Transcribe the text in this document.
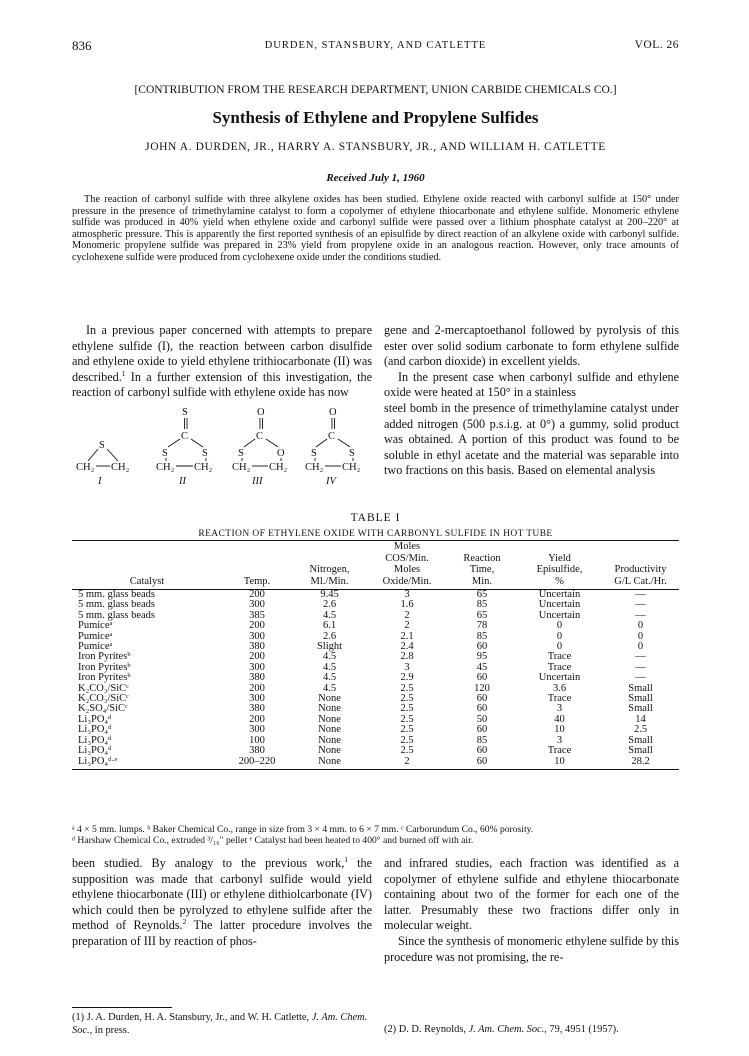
836	DURDEN, STANSBURY, AND CATLETTE	VOL. 26
[CONTRIBUTION FROM THE RESEARCH DEPARTMENT, UNION CARBIDE CHEMICALS CO.]
Synthesis of Ethylene and Propylene Sulfides
JOHN A. DURDEN, JR., HARRY A. STANSBURY, JR., AND WILLIAM H. CATLETTE
Received July 1, 1960

The reaction of carbonyl sulfide with three alkylene oxides has been studied. Ethylene oxide reacted with carbonyl sulfide at 150° under pressure in the presence of trimethylamine catalyst to form a copolymer of ethylene thiocarbonate and ethylene sulfide. Monomeric ethylene sulfide was produced in 40% yield when ethylene oxide and carbonyl sulfide were passed over a lithium phosphate catalyst at 200–220° at atmospheric pressure. This is apparently the first reported synthesis of an episulfide by direct reaction of an alkylene oxide with carbonyl sulfide. Monomeric propylene sulfide was prepared in 23% yield from propylene oxide in an analogous reaction. However, only trace amounts of cyclohexene sulfide were produced from cyclohexene oxide under the conditions studied.

In a previous paper concerned with attempts to prepare ethylene sulfide (I), the reaction between carbon disulfide and ethylene oxide to yield ethylene trithiocarbonate (II) was described.$^1$ In a further extension of this investigation, the reaction of carbonyl sulfide with ethylene oxide has now

S
CH₂ CH₂
I
S
C
S	S
CH₂ CH₂
II
O
C
S	O
CH₂ CH₂
III
O
C
S	S
CH₂ CH₂
IV

gene and 2-mercaptoethanol followed by pyrolysis of this ester over solid sodium carbonate to form ethylene sulfide (and carbon dioxide) in excellent yields.

In the present case when carbonyl sulfide and ethylene oxide were heated at 150° in a stainless

steel bomb in the presence of trimethylamine catalyst under added nitrogen (500 p.s.i.g. at 0°) a gummy, solid product was obtained. A portion of this product was found to be soluble in ethyl acetate and the material was separable into two fractions on this basis. Based on elemental analysis

TABLE I
REACTION OF ETHYLENE OXIDE WITH CARBONYL SULFIDE IN HOT TUBE

Catalyst	Temp.	Nitrogen,
Ml./Min.	Moles
COS/Min.
Moles
Oxide/Min.	Reaction
Time,
Min.	Yield
Episulfide,
%	Productivity
G/L Cat./Hr.
5 mm. glass beads	200	9.45	3	65	Uncertain	—
5 mm. glass beads	300	2.6	1.6	85	Uncertain	—
5 mm. glass beads	385	4.5	2	65	Uncertain	—
Pumiceᵃ	200	6.1	2	78	0	0
Pumiceᵃ	300	2.6	2.1	85	0	0
Pumiceᵃ	380	Slight	2.4	60	0	0
Iron Pyritesᵇ	200	4.5	2.8	95	Trace	—
Iron Pyritesᵇ	300	4.5	3	45	Trace	—
Iron Pyritesᵇ	380	4.5	2.9	60	Uncertain	—
K₂CO₃/SiCᶜ	200	4.5	2.5	120	3.6	Small
K₂CO₃/SiCᶜ	300	None	2.5	60	Trace	Small
K₂SO₄/SiCᶜ	380	None	2.5	60	3	Small
Li₃PO₄ᵈ	200	None	2.5	50	40	14
Li₃PO₄ᵈ	300	None	2.5	60	10	2.5
Li₃PO₄ᵈ	100	None	2.5	85	3	Small
Li₃PO₄ᵈ	380	None	2.5	60	Trace	Small
Li₃PO₄ᵈ·ᵉ	200–220	None	2	60	10	28.2
ᵃ 4 × 5 mm. lumps. ᵇ Baker Chemical Co., range in size from 3 × 4 mm. to 6 × 7 mm. ᶜ Carborundum Co., 60% porosity.
ᵈ Harshaw Chemical Co., extruded ³/₁₆" pellet ᵉ Catalyst had been heated to 400° and burned off with air.

been studied. By analogy to the previous work,$^1$ the supposition was made that carbonyl sulfide would yield ethylene thiocarbonate (III) or ethylene dithiolcarbonate (IV) which could then be pyrolyzed to ethylene sulfide after the method of Reynolds.$^2$ The latter procedure involves the preparation of III by reaction of phos-

and infrared studies, each fraction was identified as a copolymer of ethylene sulfide and ethylene thiocarbonate containing about two of the former for each one of the latter. Presumably these two fractions differ only in molecular weight.

Since the synthesis of monomeric ethylene sulfide by this procedure was not promising, the re-

(1) J. A. Durden, H. A. Stansbury, Jr., and W. H. Catlette, J. Am. Chem. Soc., in press.	(2) D. D. Reynolds, J. Am. Chem. Soc., 79, 4951 (1957).
